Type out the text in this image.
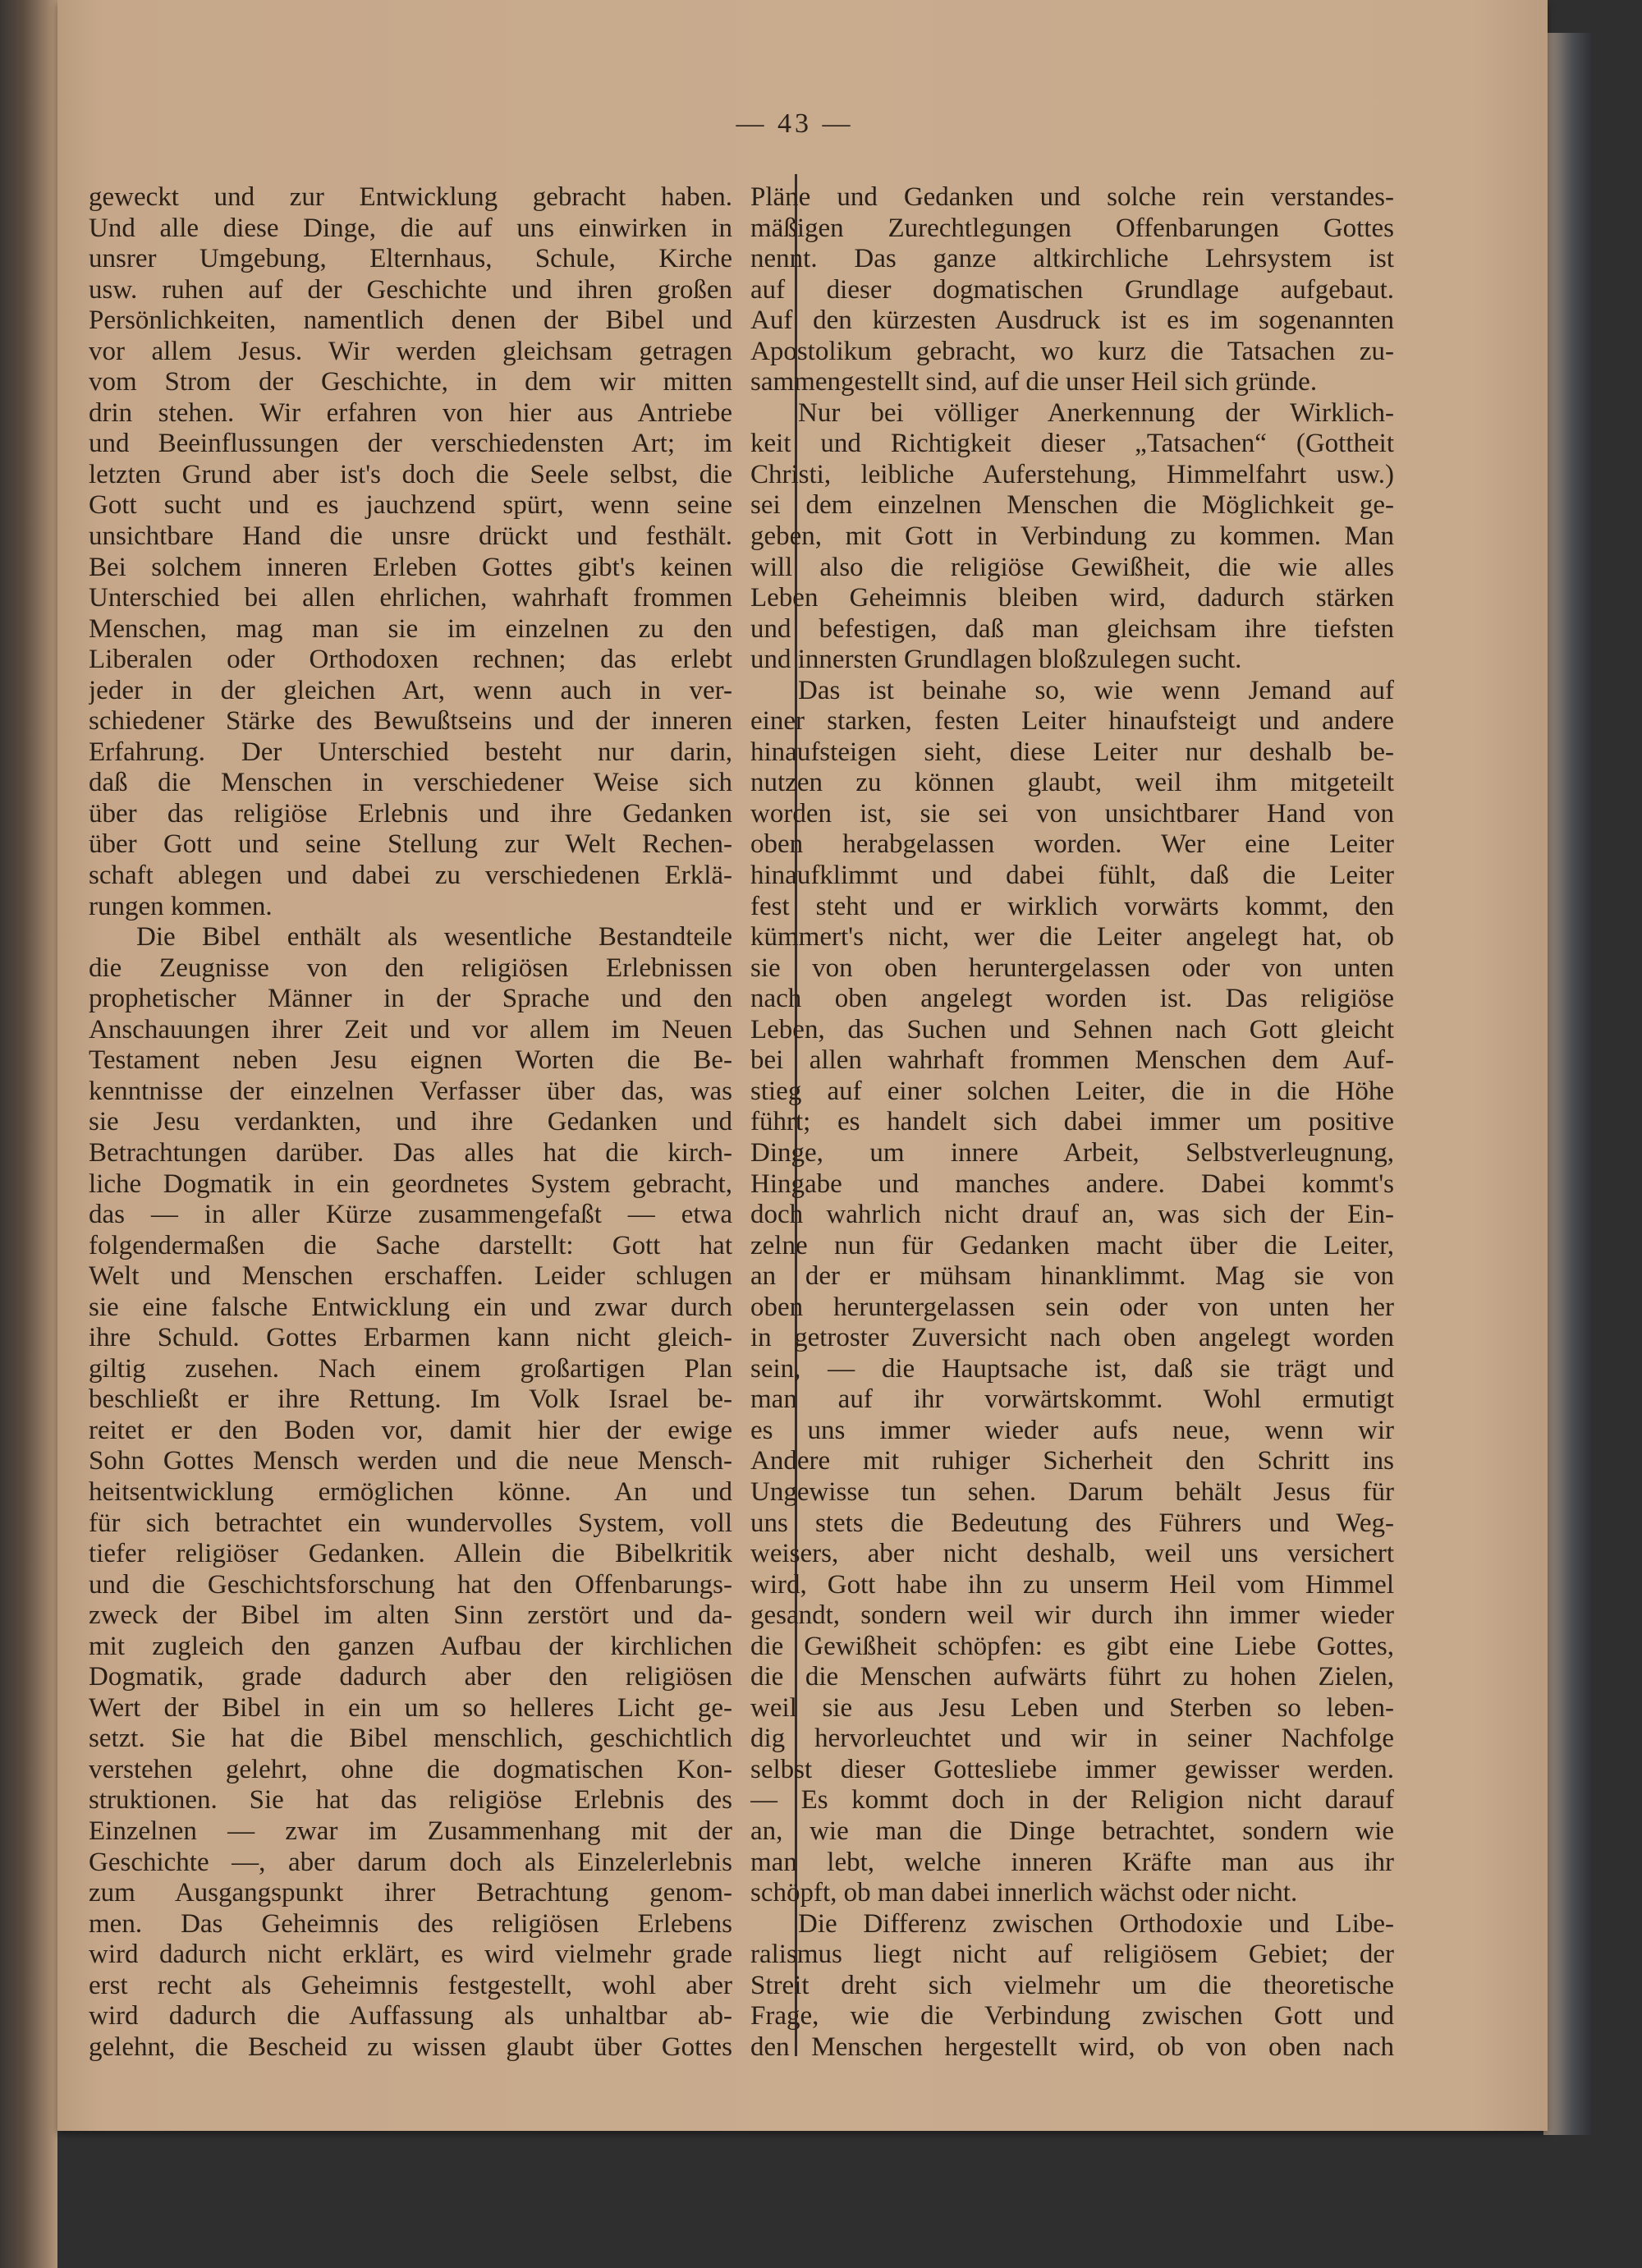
— 43 —
geweckt und zur Entwicklung gebracht haben.
Und alle diese Dinge, die auf uns einwirken in
unsrer Umgebung, Elternhaus, Schule, Kirche
usw. ruhen auf der Geschichte und ihren großen
Persönlichkeiten, namentlich denen der Bibel und
vor allem Jesus. Wir werden gleichsam getragen
vom Strom der Geschichte, in dem wir mitten
drin stehen. Wir erfahren von hier aus Antriebe
und Beeinflussungen der verschiedensten Art; im
letzten Grund aber ist's doch die Seele selbst, die
Gott sucht und es jauchzend spürt, wenn seine
unsichtbare Hand die unsre drückt und festhält.
Bei solchem inneren Erleben Gottes gibt's keinen
Unterschied bei allen ehrlichen, wahrhaft frommen
Menschen, mag man sie im einzelnen zu den
Liberalen oder Orthodoxen rechnen; das erlebt
jeder in der gleichen Art, wenn auch in ver-
schiedener Stärke des Bewußtseins und der inneren
Erfahrung. Der Unterschied besteht nur darin,
daß die Menschen in verschiedener Weise sich
über das religiöse Erlebnis und ihre Gedanken
über Gott und seine Stellung zur Welt Rechen-
schaft ablegen und dabei zu verschiedenen Erklä-
rungen kommen.
Die Bibel enthält als wesentliche Bestandteile
die Zeugnisse von den religiösen Erlebnissen
prophetischer Männer in der Sprache und den
Anschauungen ihrer Zeit und vor allem im Neuen
Testament neben Jesu eignen Worten die Be-
kenntnisse der einzelnen Verfasser über das, was
sie Jesu verdankten, und ihre Gedanken und
Betrachtungen darüber. Das alles hat die kirch-
liche Dogmatik in ein geordnetes System gebracht,
das — in aller Kürze zusammengefaßt — etwa
folgendermaßen die Sache darstellt: Gott hat
Welt und Menschen erschaffen. Leider schlugen
sie eine falsche Entwicklung ein und zwar durch
ihre Schuld. Gottes Erbarmen kann nicht gleich-
giltig zusehen. Nach einem großartigen Plan
beschließt er ihre Rettung. Im Volk Israel be-
reitet er den Boden vor, damit hier der ewige
Sohn Gottes Mensch werden und die neue Mensch-
heitsentwicklung ermöglichen könne. An und
für sich betrachtet ein wundervolles System, voll
tiefer religiöser Gedanken. Allein die Bibelkritik
und die Geschichtsforschung hat den Offenbarungs-
zweck der Bibel im alten Sinn zerstört und da-
mit zugleich den ganzen Aufbau der kirchlichen
Dogmatik, grade dadurch aber den religiösen
Wert der Bibel in ein um so helleres Licht ge-
setzt. Sie hat die Bibel menschlich, geschichtlich
verstehen gelehrt, ohne die dogmatischen Kon-
struktionen. Sie hat das religiöse Erlebnis des
Einzelnen — zwar im Zusammenhang mit der
Geschichte —, aber darum doch als Einzelerlebnis
zum Ausgangspunkt ihrer Betrachtung genom-
men. Das Geheimnis des religiösen Erlebens
wird dadurch nicht erklärt, es wird vielmehr grade
erst recht als Geheimnis festgestellt, wohl aber
wird dadurch die Auffassung als unhaltbar ab-
gelehnt, die Bescheid zu wissen glaubt über Gottes
Pläne und Gedanken und solche rein verstandes-
mäßigen Zurechtlegungen Offenbarungen Gottes
nennt. Das ganze altkirchliche Lehrsystem ist
auf dieser dogmatischen Grundlage aufgebaut.
Auf den kürzesten Ausdruck ist es im sogenannten
Apostolikum gebracht, wo kurz die Tatsachen zu-
sammengestellt sind, auf die unser Heil sich gründe.
Nur bei völliger Anerkennung der Wirklich-
keit und Richtigkeit dieser „Tatsachen“ (Gottheit
Christi, leibliche Auferstehung, Himmelfahrt usw.)
sei dem einzelnen Menschen die Möglichkeit ge-
geben, mit Gott in Verbindung zu kommen. Man
will also die religiöse Gewißheit, die wie alles
Leben Geheimnis bleiben wird, dadurch stärken
und befestigen, daß man gleichsam ihre tiefsten
und innersten Grundlagen bloßzulegen sucht.
Das ist beinahe so, wie wenn Jemand auf
einer starken, festen Leiter hinaufsteigt und andere
hinaufsteigen sieht, diese Leiter nur deshalb be-
nutzen zu können glaubt, weil ihm mitgeteilt
worden ist, sie sei von unsichtbarer Hand von
oben herabgelassen worden. Wer eine Leiter
hinaufklimmt und dabei fühlt, daß die Leiter
fest steht und er wirklich vorwärts kommt, den
kümmert's nicht, wer die Leiter angelegt hat, ob
sie von oben heruntergelassen oder von unten
nach oben angelegt worden ist. Das religiöse
Leben, das Suchen und Sehnen nach Gott gleicht
bei allen wahrhaft frommen Menschen dem Auf-
stieg auf einer solchen Leiter, die in die Höhe
führt; es handelt sich dabei immer um positive
Dinge, um innere Arbeit, Selbstverleugnung,
Hingabe und manches andere. Dabei kommt's
doch wahrlich nicht drauf an, was sich der Ein-
zelne nun für Gedanken macht über die Leiter,
an der er mühsam hinanklimmt. Mag sie von
oben heruntergelassen sein oder von unten her
in getroster Zuversicht nach oben angelegt worden
sein, — die Hauptsache ist, daß sie trägt und
man auf ihr vorwärtskommt. Wohl ermutigt
es uns immer wieder aufs neue, wenn wir
Andere mit ruhiger Sicherheit den Schritt ins
Ungewisse tun sehen. Darum behält Jesus für
uns stets die Bedeutung des Führers und Weg-
weisers, aber nicht deshalb, weil uns versichert
wird, Gott habe ihn zu unserm Heil vom Himmel
gesandt, sondern weil wir durch ihn immer wieder
die Gewißheit schöpfen: es gibt eine Liebe Gottes,
die die Menschen aufwärts führt zu hohen Zielen,
weil sie aus Jesu Leben und Sterben so leben-
dig hervorleuchtet und wir in seiner Nachfolge
selbst dieser Gottesliebe immer gewisser werden.
— Es kommt doch in der Religion nicht darauf
an, wie man die Dinge betrachtet, sondern wie
man lebt, welche inneren Kräfte man aus ihr
schöpft, ob man dabei innerlich wächst oder nicht.
Die Differenz zwischen Orthodoxie und Libe-
ralismus liegt nicht auf religiösem Gebiet; der
Streit dreht sich vielmehr um die theoretische
Frage, wie die Verbindung zwischen Gott und
den Menschen hergestellt wird, ob von oben nach
